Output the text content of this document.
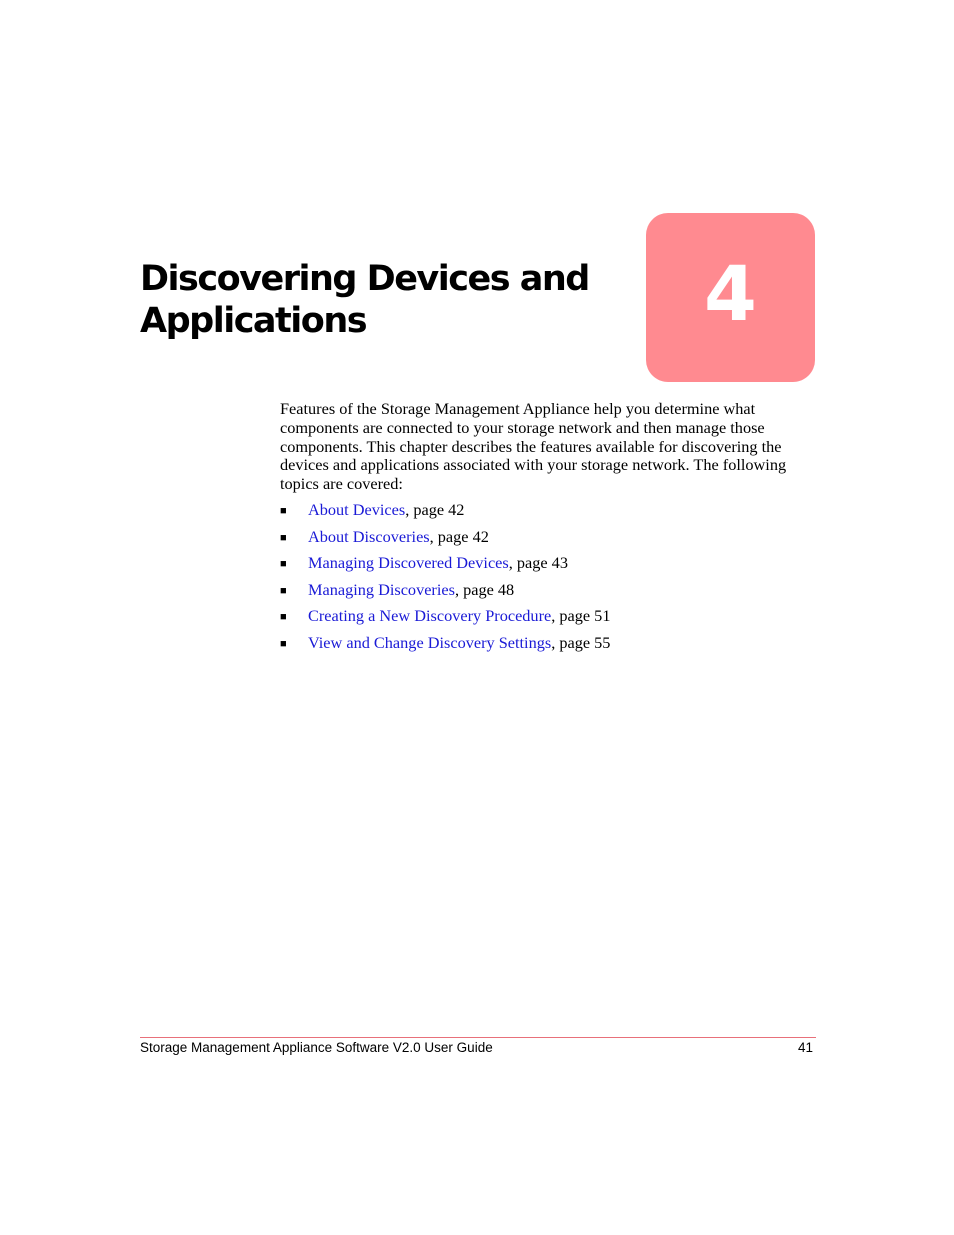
Discovering Devices and
Applications	4

Features of the Storage Management Appliance help you determine what components are connected to your storage network and then manage those components. This chapter describes the features available for discovering the devices and applications associated with your storage network. The following topics are covered:

■ About Devices, page 42
■ About Discoveries, page 42
■ Managing Discovered Devices, page 43
■ Managing Discoveries, page 48
■ Creating a New Discovery Procedure, page 51
■ View and Change Discovery Settings, page 55
Storage Management Appliance Software V2.0 User Guide	41
